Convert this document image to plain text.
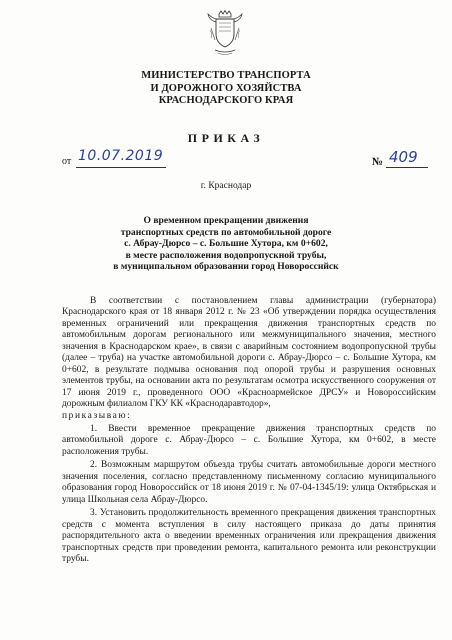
МИНИСТЕРСТВО ТРАНСПОРТА
И ДОРОЖНОГО ХОЗЯЙСТВА
КРАСНОДАРСКОГО КРАЯ
ПРИКАЗ
от 10.07.2019	№ 409
г. Краснодар
О временном прекращении движения
транспортных средств по автомобильной дороге
с. Абрау-Дюрсо – с. Большие Хутора, км 0+602,
в месте расположения водопропускной трубы,
в муниципальном образовании город Новороссийск

В соответствии с постановлением главы администрации (губернатора) Краснодарского края от 18 января 2012 г. № 23 «Об утверждении порядка осуществления временных ограничений или прекращения движения транспортных средств по автомобильным дорогам регионального или межмуниципального значения, местного значения в Краснодарском крае», в связи с аварийным состоянием водопропускной трубы (далее – труба) на участке автомобильной дороги с. Абрау-Дюрсо – с. Большие Хутора, км 0+602, в результате подмыва основания под опорой трубы и разрушения основных элементов трубы, на основании акта по результатам осмотра искусственного сооружения от 17 июня 2019 г., проведенного ООО «Красноармейское ДРСУ» и Новороссийским дорожным филиалом ГКУ КК «Краснодаравтодор»,
приказываю:

1. Ввести временное прекращение движения транспортных средств по автомобильной дороге с. Абрау-Дюрсо – с. Большие Хутора, км 0+602, в месте расположения трубы.

2. Возможным маршрутом объезда трубы считать автомобильные дороги местного значения поселения, согласно представленному письменному согласию муниципального образования город Новороссийск от 18 июня 2019 г. № 07-04-1345/19: улица Октябрьская и улица Школьная села Абрау-Дюрсо.

3. Установить продолжительность временного прекращения движения транспортных средств с момента вступления в силу настоящего приказа до даты принятия распорядительного акта о введении временных ограничения или прекращения движения транспортных средств при проведении ремонта, капитального ремонта или реконструкции трубы.
